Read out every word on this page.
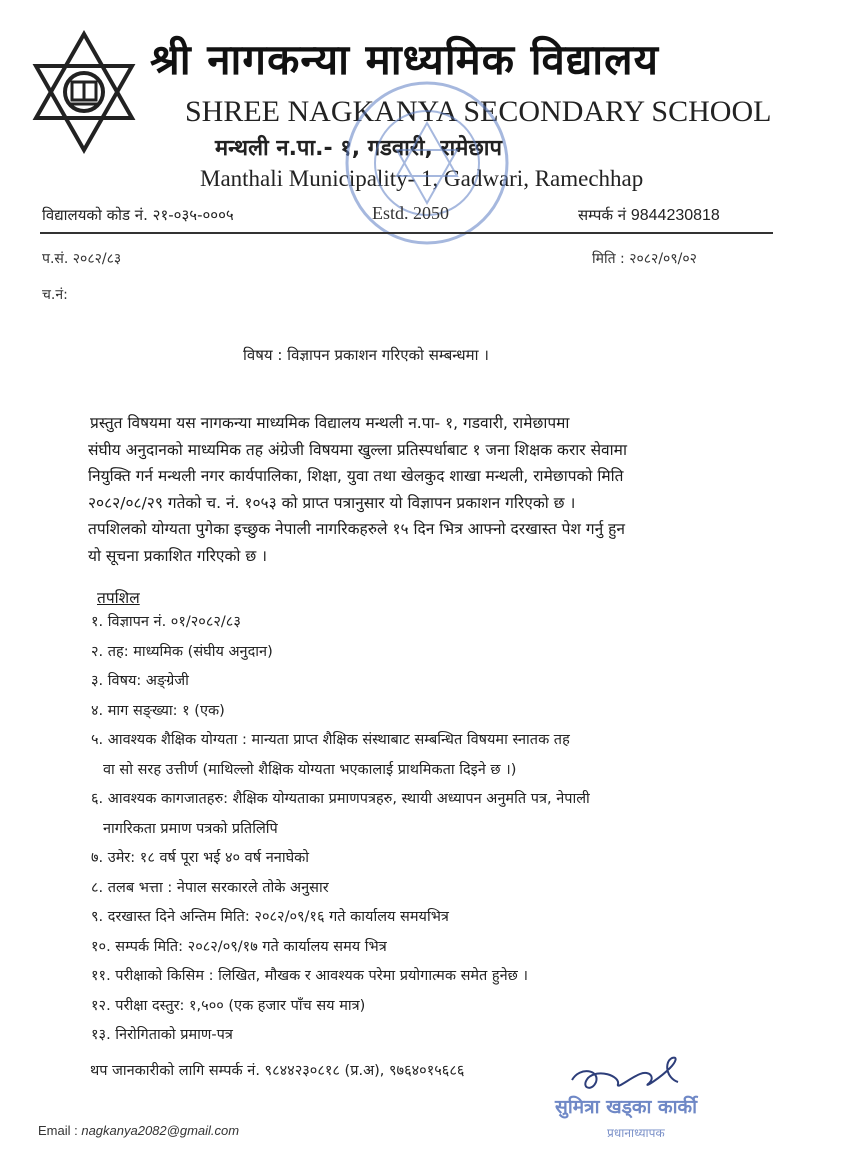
श्री नागकन्या माध्यमिक विद्यालय
SHREE NAGKANYA SECONDARY SCHOOL
मन्थली न.पा.- १, गडवारी, रामेछाप
Manthali Municipality- 1, Gadwari, Ramechhap
विद्यालयको कोड नं. २१-०३५-०००५	Estd. 2050	सम्पर्क नं 9844230818
प.सं. २०८२/८३	मिति : २०८२/०९/०२
च.नं:
विषय : विज्ञापन प्रकाशन गरिएको सम्बन्धमा ।
प्रस्तुत विषयमा यस नागकन्या माध्यमिक विद्यालय मन्थली न.पा- १, गडवारी, रामेछापमा
संघीय अनुदानको माध्यमिक तह अंग्रेजी विषयमा खुल्ला प्रतिस्पर्धाबाट १ जना शिक्षक करार सेवामा
नियुक्ति गर्न मन्थली नगर कार्यपालिका, शिक्षा, युवा तथा खेलकुद शाखा मन्थली, रामेछापको मिति
२०८२/०८/२९ गतेको च. नं. १०५३ को प्राप्त पत्रानुसार यो विज्ञापन प्रकाशन गरिएको छ ।
तपशिलको योग्यता पुगेका इच्छुक नेपाली नागरिकहरुले १५ दिन भित्र आफ्नो दरखास्त पेश गर्नु हुन
यो सूचना प्रकाशित गरिएको छ ।
तपशिल
१. विज्ञापन नं. ०१/२०८२/८३
२. तह: माध्यमिक (संघीय अनुदान)
३. विषय: अङ्ग्रेजी
४. माग सङ्ख्या: १ (एक)
५. आवश्यक शैक्षिक योग्यता : मान्यता प्राप्त शैक्षिक संस्थाबाट सम्बन्धित विषयमा स्नातक तह
वा सो सरह उत्तीर्ण (माथिल्लो शैक्षिक योग्यता भएकालाई प्राथमिकता दिइने छ ।)
६. आवश्यक कागजातहरु: शैक्षिक योग्यताका प्रमाणपत्रहरु, स्थायी अध्यापन अनुमति पत्र, नेपाली
नागरिकता प्रमाण पत्रको प्रतिलिपि
७. उमेर: १८ वर्ष पूरा भई ४० वर्ष ननाघेको
८. तलब भत्ता : नेपाल सरकारले तोके अनुसार
९. दरखास्त दिने अन्तिम मिति: २०८२/०९/१६ गते कार्यालय समयभित्र
१०. सम्पर्क मिति: २०८२/०९/१७ गते कार्यालय समय भित्र
११. परीक्षाको किसिम : लिखित, मौखक र आवश्यक परेमा प्रयोगात्मक समेत हुनेछ ।
१२. परीक्षा दस्तुर: १,५०० (एक हजार पाँच सय मात्र)
१३. निरोगिताको प्रमाण-पत्र
थप जानकारीको लागि सम्पर्क नं. ९८४४२३०८१८ (प्र.अ), ९७६४०१५६८६
सुमित्रा खड्का कार्की
प्रधानाध्यापक
Email : nagkanya2082@gmail.com
